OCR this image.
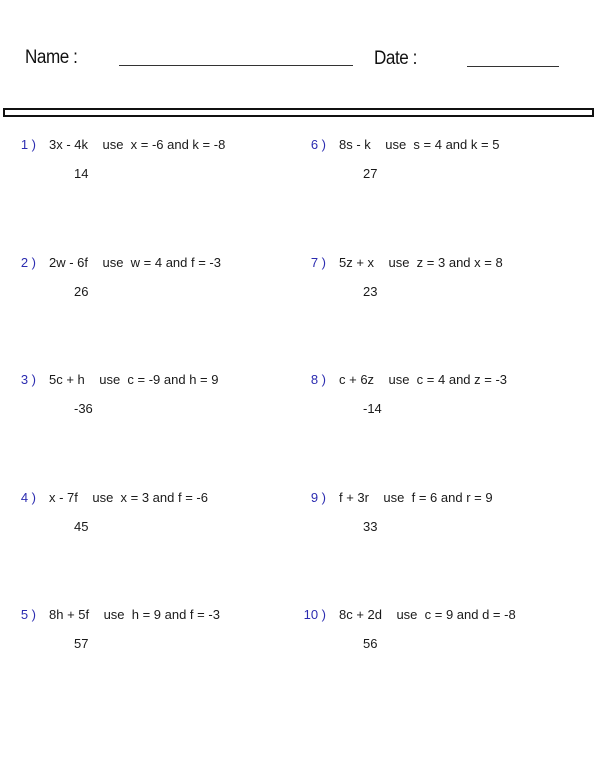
Name :	Date :
1 ) 3x - 4k    use  x = -6 and k = -8
14
2 ) 2w - 6f    use  w = 4 and f = -3
26
3 ) 5c + h    use  c = -9 and h = 9
-36
4 ) x - 7f    use  x = 3 and f = -6
45
5 ) 8h + 5f    use  h = 9 and f = -3
57
6 ) 8s - k    use  s = 4 and k = 5
27
7 ) 5z + x    use  z = 3 and x = 8
23
8 ) c + 6z    use  c = 4 and z = -3
-14
9 ) f + 3r    use  f = 6 and r = 9
33
10 ) 8c + 2d    use  c = 9 and d = -8
56
